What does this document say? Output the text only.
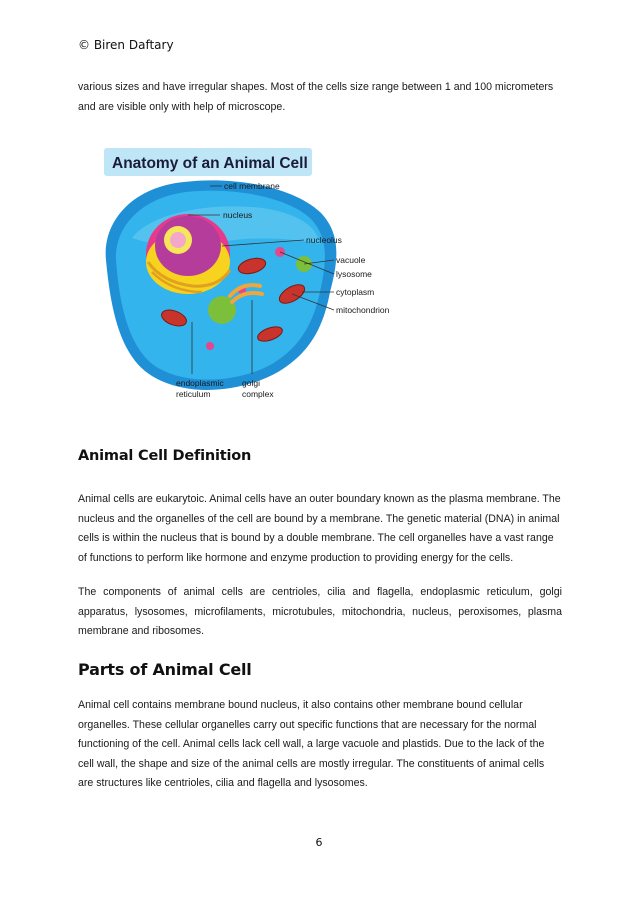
© Biren Daftary
various sizes and have irregular shapes. Most of the cells size range between 1 and 100 micrometers and are visible only with help of microscope.
Anatomy of an Animal Cell
cell membrane
nucleus
nucleolus
vacuole
lysosome
cytoplasm
mitochondrion
endoplasmic
reticulum
golgi
complex
Animal Cell Definition
Animal cells are eukarytoic. Animal cells have an outer boundary known as the plasma membrane. The nucleus and the organelles of the cell are bound by a membrane. The genetic material (DNA) in animal cells is within the nucleus that is bound by a double membrane. The cell organelles have a vast range of functions to perform like hormone and enzyme production to providing energy for the cells.
The components of animal cells are centrioles, cilia and flagella, endoplasmic reticulum, golgi apparatus, lysosomes, microfilaments, microtubules, mitochondria, nucleus, peroxisomes, plasma membrane and ribosomes.
Parts of Animal Cell
Animal cell contains membrane bound nucleus, it also contains other membrane bound cellular organelles. These cellular organelles carry out specific functions that are necessary for the normal functioning of the cell. Animal cells lack cell wall, a large vacuole and plastids. Due to the lack of the cell wall, the shape and size of the animal cells are mostly irregular. The constituents of animal cells are structures like centrioles, cilia and flagella and lysosomes.
6
